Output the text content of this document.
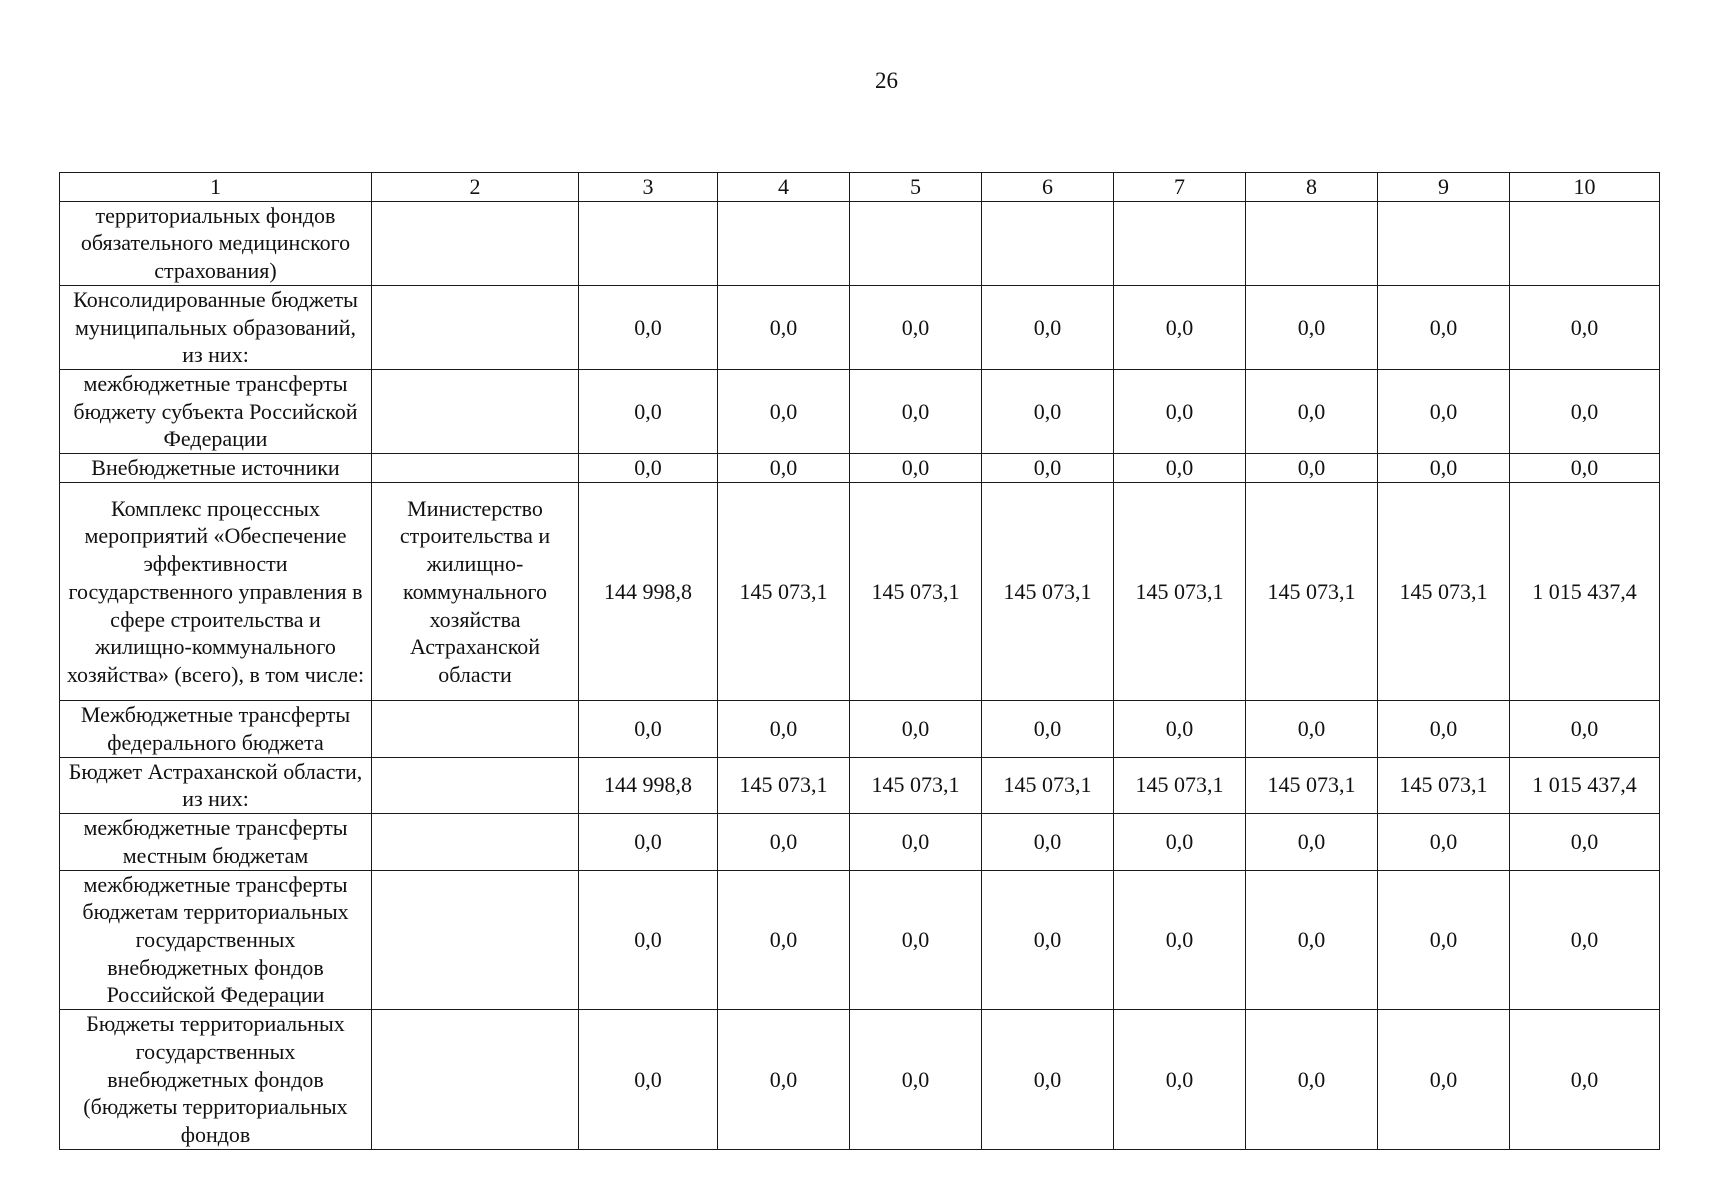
26
1	2	3	4	5	6	7	8	9	10
территориальных фондов обязательного медицинского страхования)									
Консолидированные бюджеты муниципальных образований, из них:		0,0	0,0	0,0	0,0	0,0	0,0	0,0	0,0
межбюджетные трансферты бюджету субъекта Российской Федерации		0,0	0,0	0,0	0,0	0,0	0,0	0,0	0,0
Внебюджетные источники		0,0	0,0	0,0	0,0	0,0	0,0	0,0	0,0
Комплекс процессных мероприятий «Обеспечение эффективности государственного управления в сфере строительства и жилищно-коммунального хозяйства» (всего), в том числе:	Министерство строительства и жилищно-коммунального хозяйства Астраханской области	144 998,8	145 073,1	145 073,1	145 073,1	145 073,1	145 073,1	145 073,1	1 015 437,4
Межбюджетные трансферты федерального бюджета		0,0	0,0	0,0	0,0	0,0	0,0	0,0	0,0
Бюджет Астраханской области, из них:		144 998,8	145 073,1	145 073,1	145 073,1	145 073,1	145 073,1	145 073,1	1 015 437,4
межбюджетные трансферты местным бюджетам		0,0	0,0	0,0	0,0	0,0	0,0	0,0	0,0
межбюджетные трансферты бюджетам территориальных государственных внебюджетных фондов Российской Федерации		0,0	0,0	0,0	0,0	0,0	0,0	0,0	0,0
Бюджеты территориальных государственных внебюджетных фондов (бюджеты территориальных фондов		0,0	0,0	0,0	0,0	0,0	0,0	0,0	0,0
